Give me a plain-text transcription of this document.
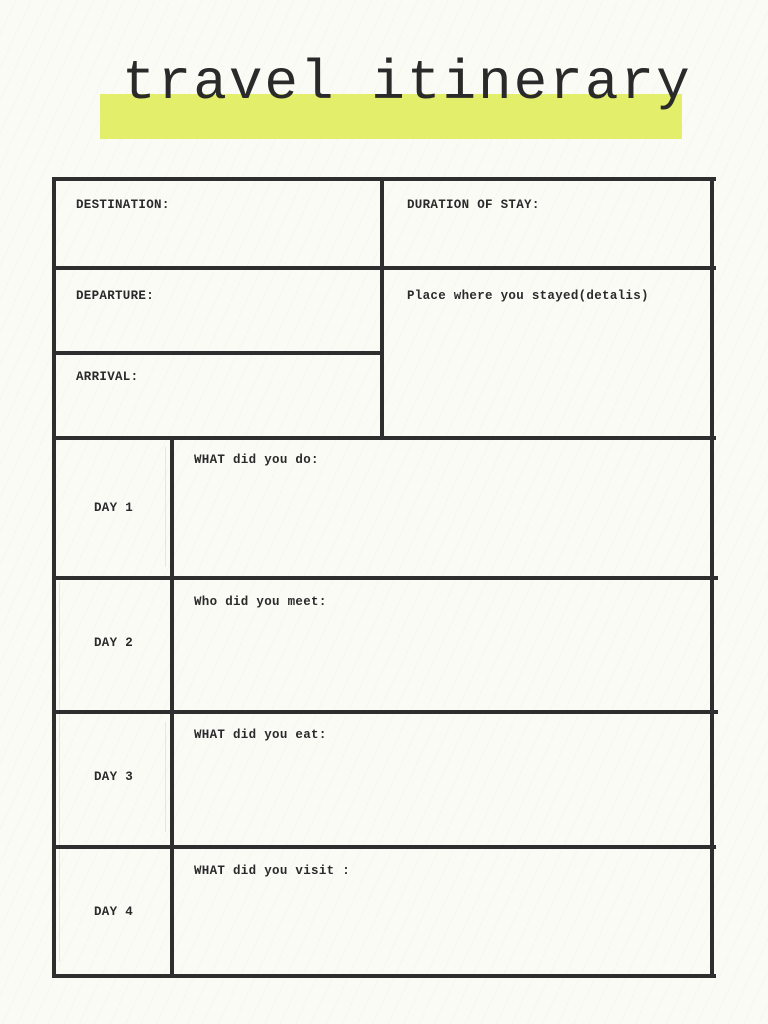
travel itinerary
DESTINATION:	DURATION OF STAY:
DEPARTURE:	Place where you stayed(detalis)
ARRIVAL:
DAY 1
WHAT did you do:
DAY 2
Who did you meet:
DAY 3
WHAT did you eat:
DAY 4
WHAT did you visit :
